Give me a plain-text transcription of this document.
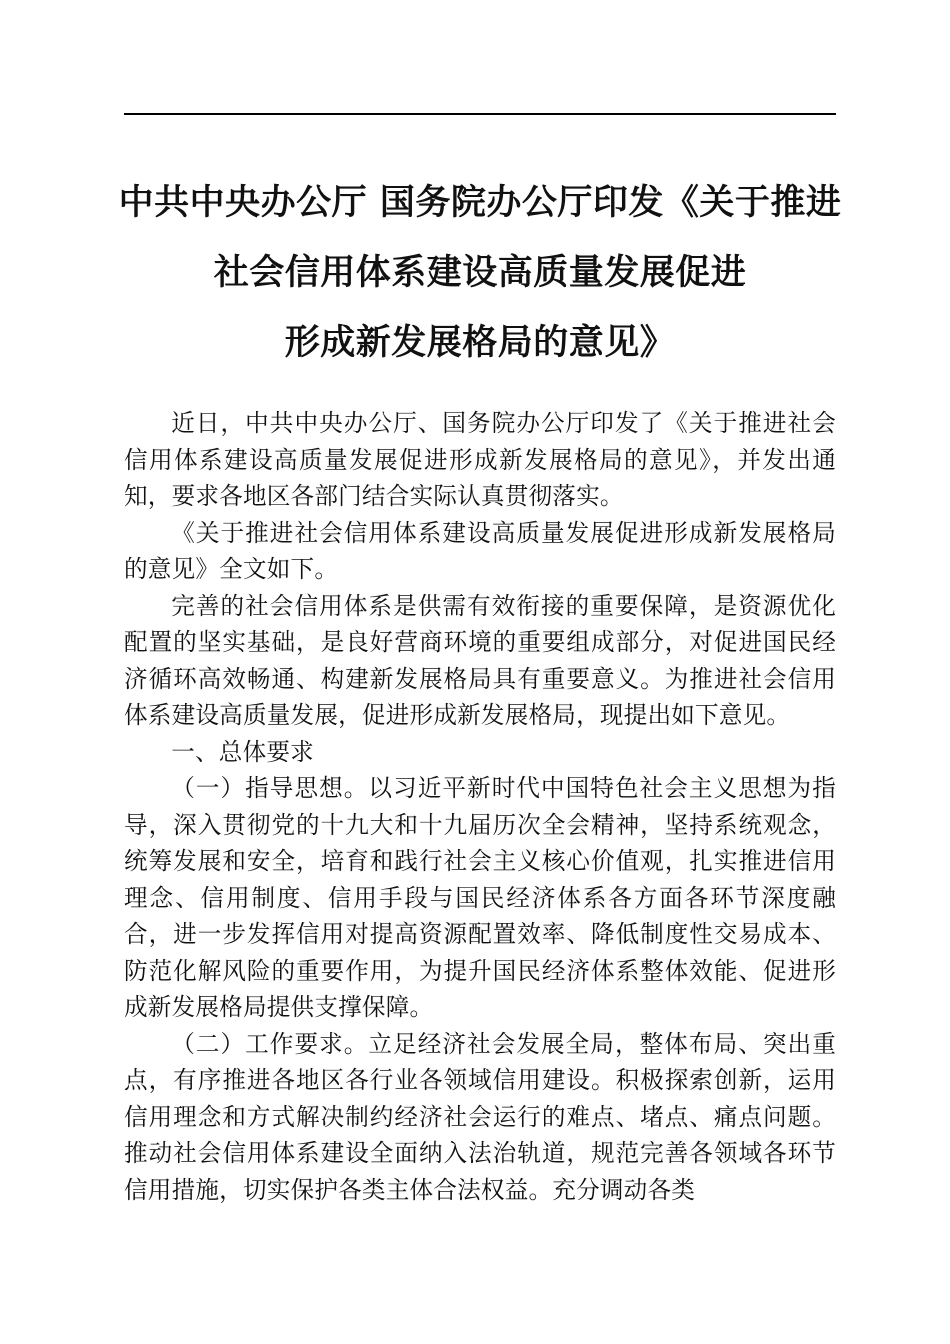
中共中央办公厅 国务院办公厅印发《关于推进
社会信用体系建设高质量发展促进
形成新发展格局的意见》

近日，中共中央办公厅、国务院办公厅印发了《关于推进社会信用体系建设高质量发展促进形成新发展格局的意见》，并发出通知，要求各地区各部门结合实际认真贯彻落实。

《关于推进社会信用体系建设高质量发展促进形成新发展格局的意见》全文如下。

完善的社会信用体系是供需有效衔接的重要保障，是资源优化配置的坚实基础，是良好营商环境的重要组成部分，对促进国民经济循环高效畅通、构建新发展格局具有重要意义。为推进社会信用体系建设高质量发展，促进形成新发展格局，现提出如下意见。

一、总体要求

（一）指导思想。以习近平新时代中国特色社会主义思想为指导，深入贯彻党的十九大和十九届历次全会精神，坚持系统观念，统筹发展和安全，培育和践行社会主义核心价值观，扎实推进信用理念、信用制度、信用手段与国民经济体系各方面各环节深度融合，进一步发挥信用对提高资源配置效率、降低制度性交易成本、防范化解风险的重要作用，为提升国民经济体系整体效能、促进形成新发展格局提供支撑保障。

（二）工作要求。立足经济社会发展全局，整体布局、突出重点，有序推进各地区各行业各领域信用建设。积极探索创新，运用信用理念和方式解决制约经济社会运行的难点、堵点、痛点问题。推动社会信用体系建设全面纳入法治轨道，规范完善各领域各环节信用措施，切实保护各类主体合法权益。充分调动各类
